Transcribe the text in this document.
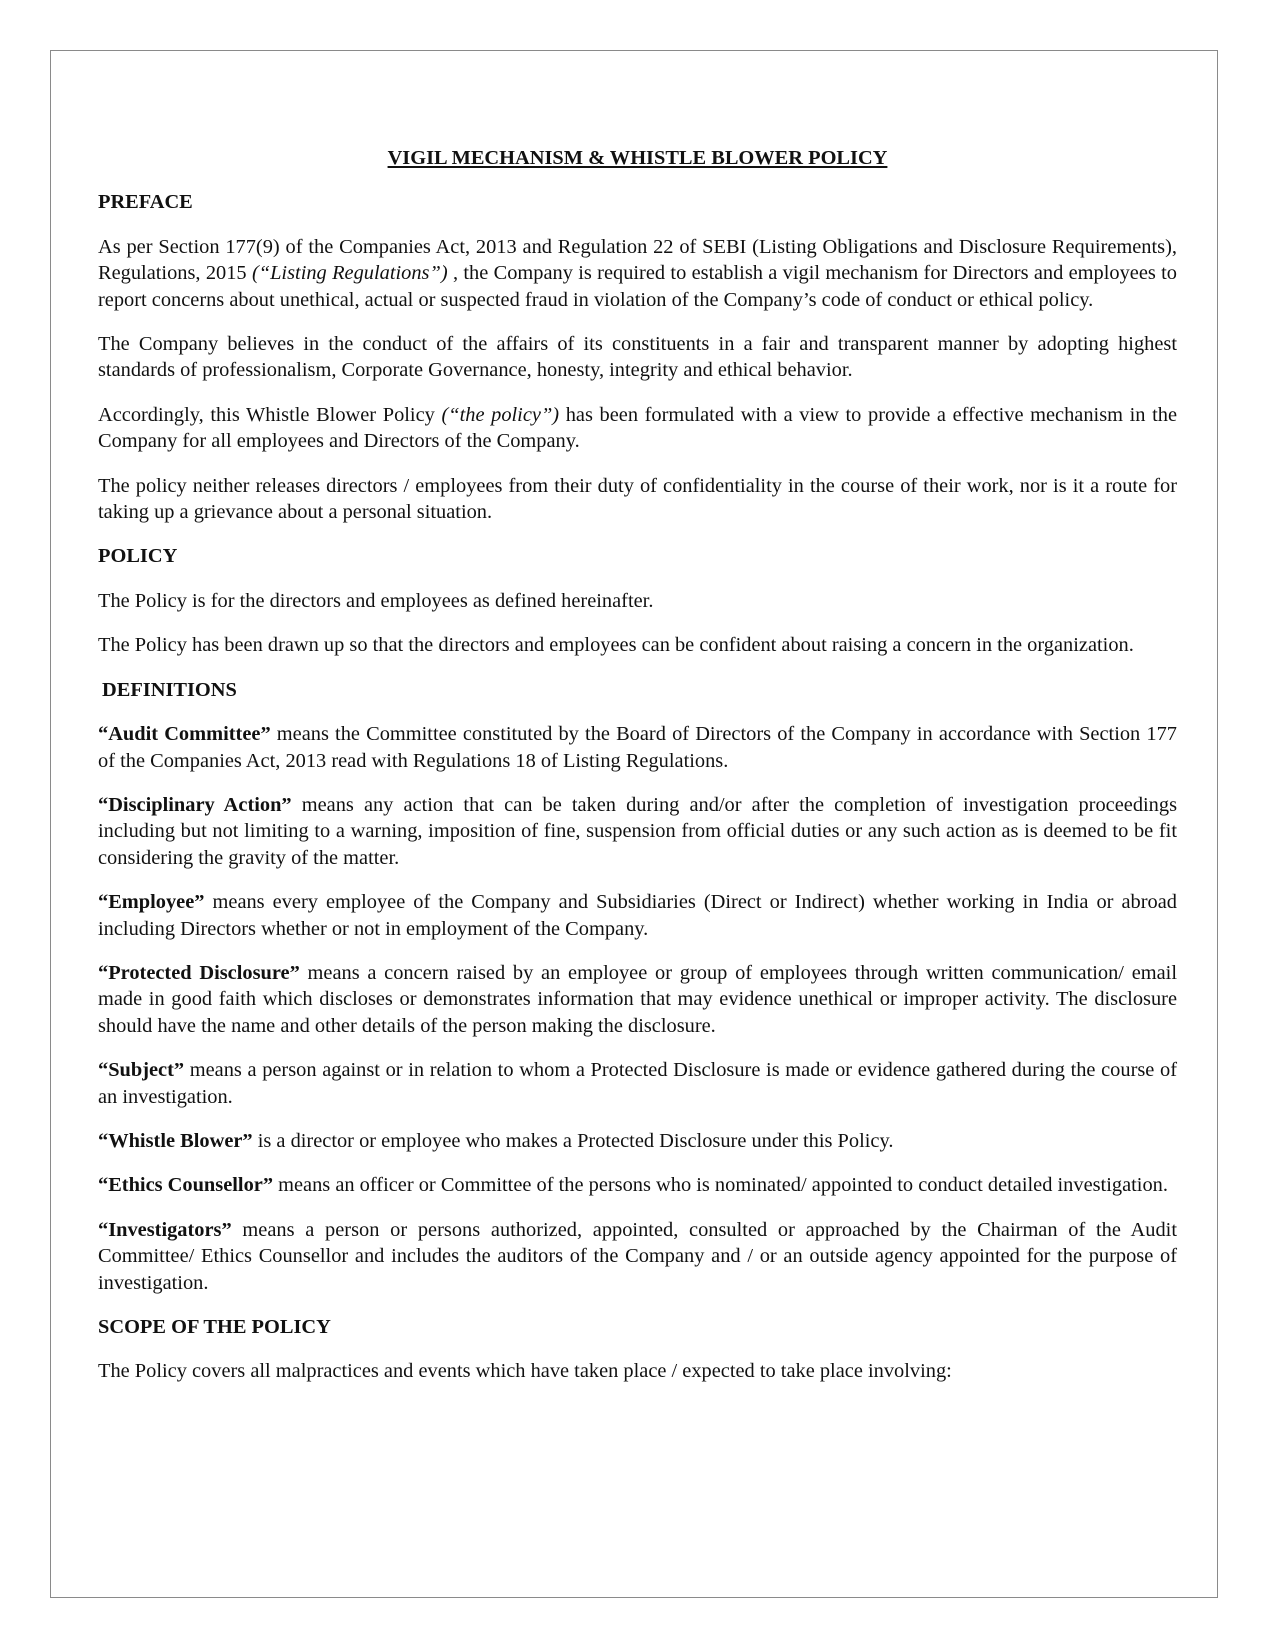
VIGIL MECHANISM & WHISTLE BLOWER POLICY
PREFACE

As per Section 177(9) of the Companies Act, 2013 and Regulation 22 of SEBI (Listing Obligations and Disclosure Requirements), Regulations, 2015 (“Listing Regulations”) , the Company is required to establish a vigil mechanism for Directors and employees to report concerns about unethical, actual or suspected fraud in violation of the Company’s code of conduct or ethical policy.

The Company believes in the conduct of the affairs of its constituents in a fair and transparent manner by adopting highest standards of professionalism, Corporate Governance, honesty, integrity and ethical behavior.

Accordingly, this Whistle Blower Policy (“the policy”) has been formulated with a view to provide a effective mechanism in the Company for all employees and Directors of the Company.

The policy neither releases directors / employees from their duty of confidentiality in the course of their work, nor is it a route for taking up a grievance about a personal situation.

POLICY

The Policy is for the directors and employees as defined hereinafter.

The Policy has been drawn up so that the directors and employees can be confident about raising a concern in the organization.

DEFINITIONS

“Audit Committee” means the Committee constituted by the Board of Directors of the Company in accordance with Section 177 of the Companies Act, 2013 read with Regulations 18 of Listing Regulations.

“Disciplinary Action” means any action that can be taken during and/or after the completion of investigation proceedings including but not limiting to a warning, imposition of fine, suspension from official duties or any such action as is deemed to be fit considering the gravity of the matter.

“Employee” means every employee of the Company and Subsidiaries (Direct or Indirect) whether working in India or abroad including Directors whether or not in employment of the Company.

“Protected Disclosure” means a concern raised by an employee or group of employees through written communication/ email made in good faith which discloses or demonstrates information that may evidence unethical or improper activity. The disclosure should have the name and other details of the person making the disclosure.

“Subject” means a person against or in relation to whom a Protected Disclosure is made or evidence gathered during the course of an investigation.

“Whistle Blower” is a director or employee who makes a Protected Disclosure under this Policy.

“Ethics Counsellor” means an officer or Committee of the persons who is nominated/ appointed to conduct detailed investigation.

“Investigators” means a person or persons authorized, appointed, consulted or approached by the Chairman of the Audit Committee/ Ethics Counsellor and includes the auditors of the Company and / or an outside agency appointed for the purpose of investigation.

SCOPE OF THE POLICY

The Policy covers all malpractices and events which have taken place / expected to take place involving:
